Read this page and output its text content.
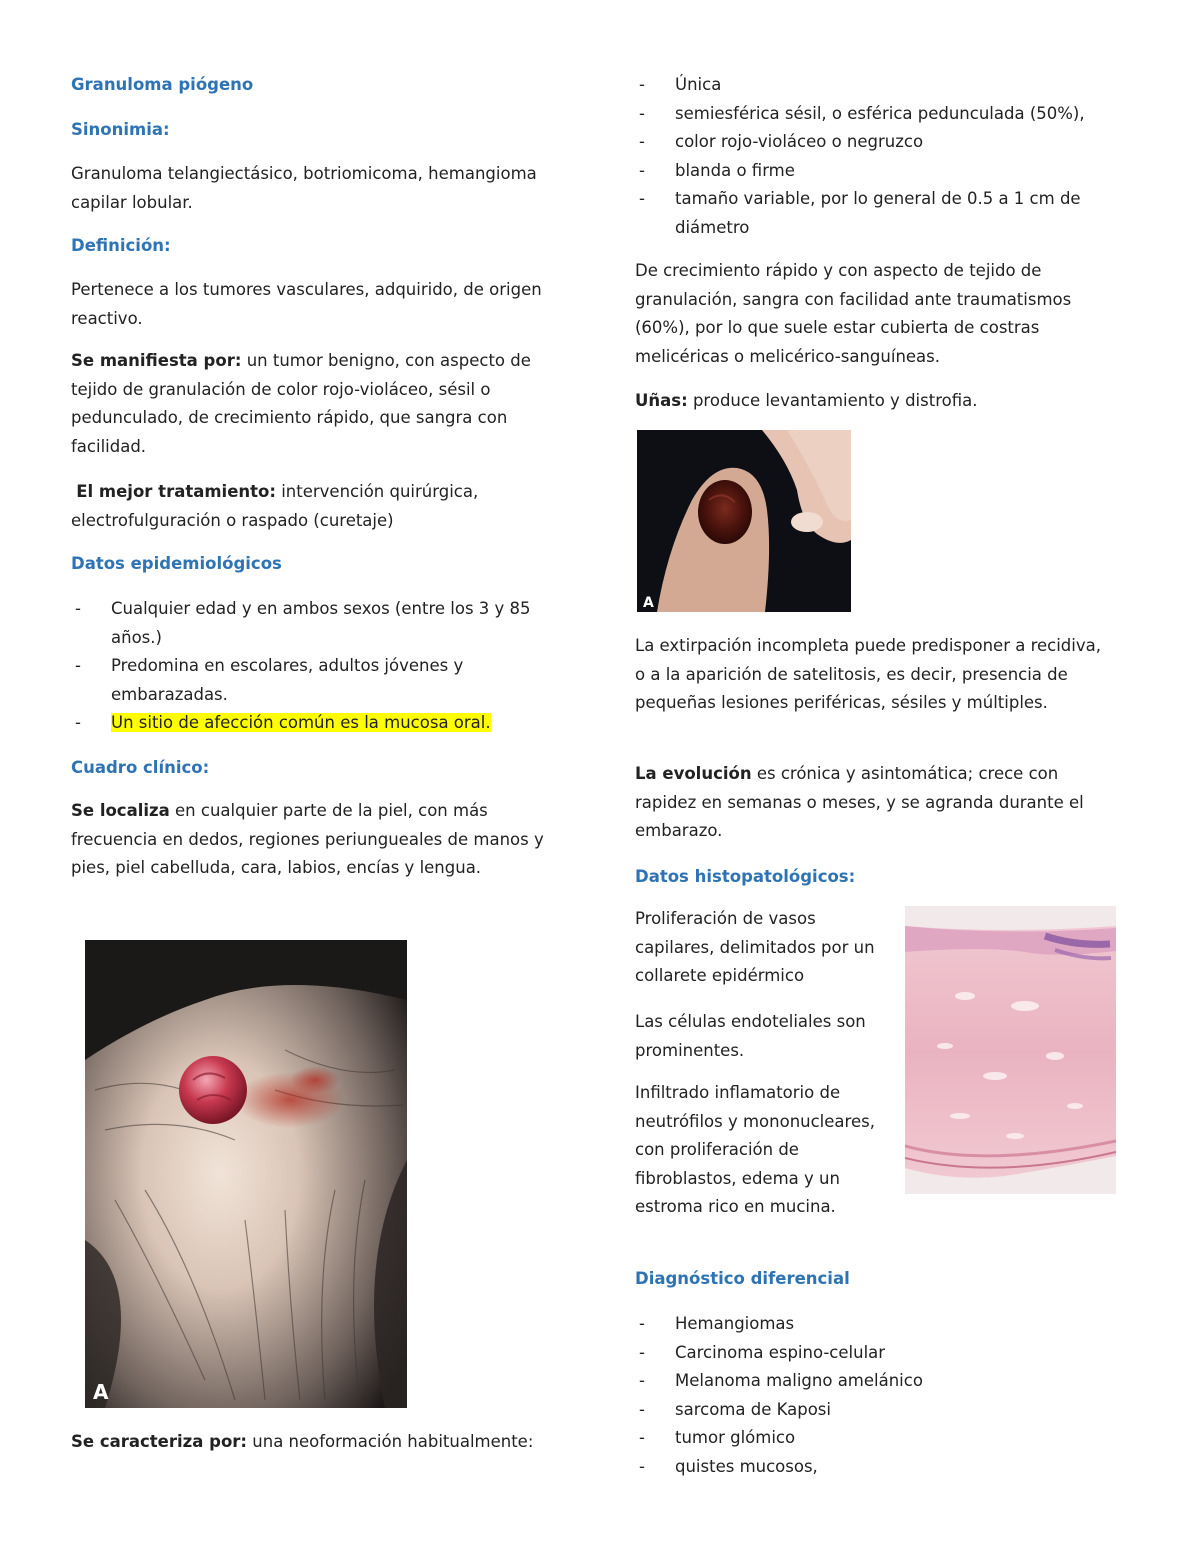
Granuloma piógeno

Sinonimia:

Granuloma telangiectásico, botriomicoma, hemangioma capilar lobular.

Definición:

Pertenece a los tumores vasculares, adquirido, de origen reactivo.

Se manifiesta por: un tumor benigno, con aspecto de tejido de granulación de color rojo-violáceo, sésil o pedunculado, de crecimiento rápido, que sangra con facilidad.

El mejor tratamiento: intervención quirúrgica, electrofulguración o raspado (curetaje)

Datos epidemiológicos

- Cualquier edad y en ambos sexos (entre los 3 y 85 años.)
- Predomina en escolares, adultos jóvenes y embarazadas.
- Un sitio de afección común es la mucosa oral.

Cuadro clínico:

Se localiza en cualquier parte de la piel, con más frecuencia en dedos, regiones periungueales de manos y pies, piel cabelluda, cara, labios, encías y lengua.

A

Se caracteriza por: una neoformación habitualmente:

- Única
- semiesférica sésil, o esférica pedunculada (50%),
- color rojo-violáceo o negruzco
- blanda o firme
- tamaño variable, por lo general de 0.5 a 1 cm de diámetro

De crecimiento rápido y con aspecto de tejido de granulación, sangra con facilidad ante traumatismos (60%), por lo que suele estar cubierta de costras melicéricas o melicérico-sanguíneas.

Uñas: produce levantamiento y distrofia.

A

La extirpación incompleta puede predisponer a recidiva, o a la aparición de satelitosis, es decir, presencia de pequeñas lesiones periféricas, sésiles y múltiples.

La evolución es crónica y asintomática; crece con rapidez en semanas o meses, y se agranda durante el embarazo.

Datos histopatológicos:

Proliferación de vasos capilares, delimitados por un collarete epidérmico

Las células endoteliales son prominentes.

Infiltrado inflamatorio de neutrófilos y mononucleares, con proliferación de fibroblastos, edema y un estroma rico en mucina.

Diagnóstico diferencial

- Hemangiomas
- Carcinoma espino-celular
- Melanoma maligno amelánico
- sarcoma de Kaposi
- tumor glómico
- quistes mucosos,
